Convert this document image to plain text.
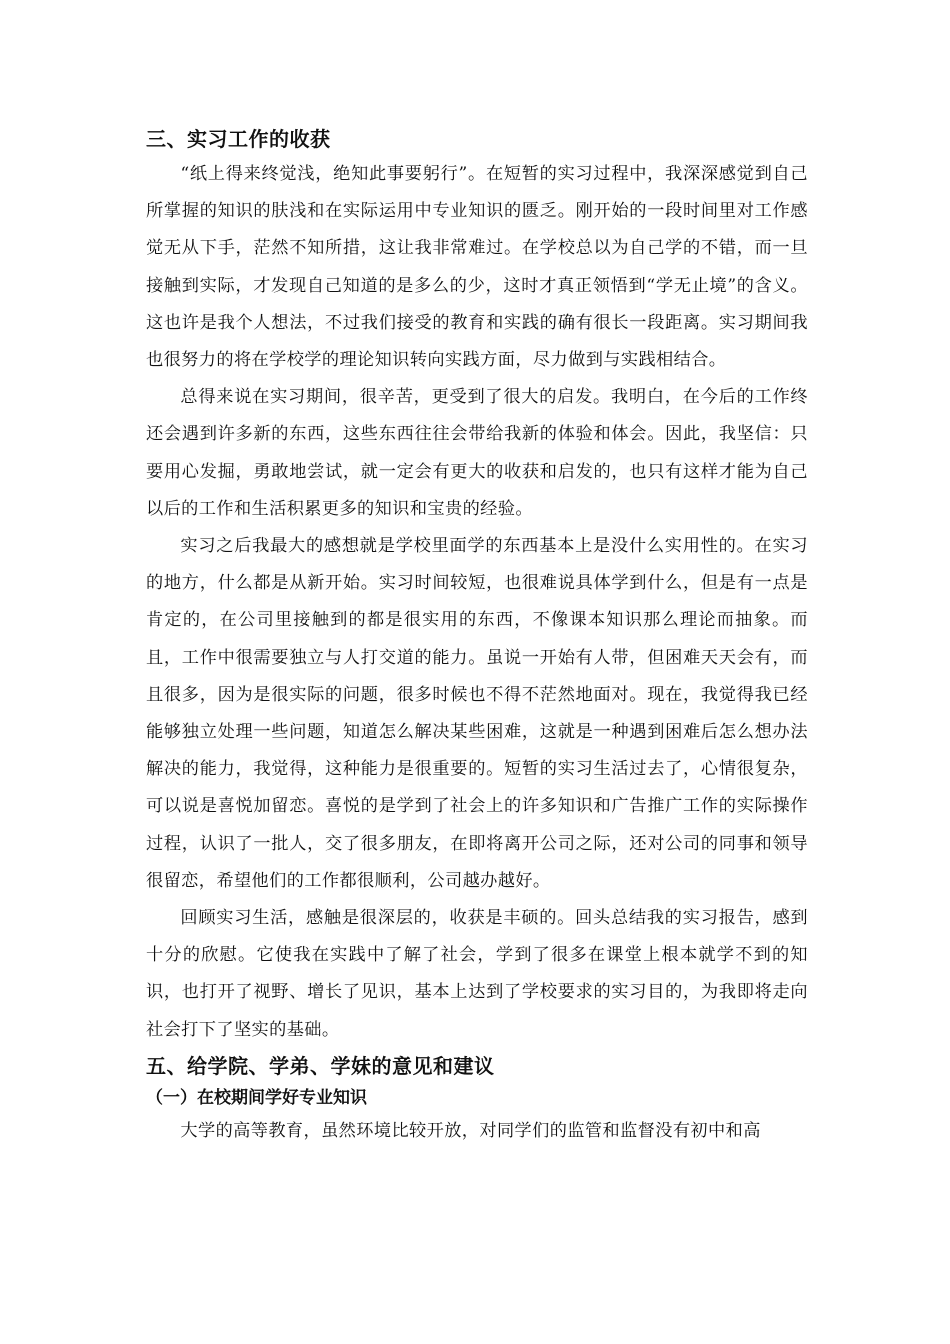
三、实习工作的收获

“纸上得来终觉浅，绝知此事要躬行”。在短暂的实习过程中，我深深感觉到自己所掌握的知识的肤浅和在实际运用中专业知识的匮乏。刚开始的一段时间里对工作感觉无从下手，茫然不知所措，这让我非常难过。在学校总以为自己学的不错，而一旦接触到实际，才发现自己知道的是多么的少，这时才真正领悟到“学无止境”的含义。这也许是我个人想法，不过我们接受的教育和实践的确有很长一段距离。实习期间我也很努力的将在学校学的理论知识转向实践方面，尽力做到与实践相结合。

总得来说在实习期间，很辛苦，更受到了很大的启发。我明白，在今后的工作终还会遇到许多新的东西，这些东西往往会带给我新的体验和体会。因此，我坚信：只要用心发掘，勇敢地尝试，就一定会有更大的收获和启发的，也只有这样才能为自己以后的工作和生活积累更多的知识和宝贵的经验。

实习之后我最大的感想就是学校里面学的东西基本上是没什么实用性的。在实习的地方，什么都是从新开始。实习时间较短，也很难说具体学到什么，但是有一点是肯定的，在公司里接触到的都是很实用的东西，不像课本知识那么理论而抽象。而且，工作中很需要独立与人打交道的能力。虽说一开始有人带，但困难天天会有，而且很多，因为是很实际的问题，很多时候也不得不茫然地面对。现在，我觉得我已经能够独立处理一些问题，知道怎么解决某些困难，这就是一种遇到困难后怎么想办法解决的能力，我觉得，这种能力是很重要的。短暂的实习生活过去了，心情很复杂，可以说是喜悦加留恋。喜悦的是学到了社会上的许多知识和广告推广工作的实际操作过程，认识了一批人，交了很多朋友，在即将离开公司之际，还对公司的同事和领导很留恋，希望他们的工作都很顺利，公司越办越好。

回顾实习生活，感触是很深层的，收获是丰硕的。回头总结我的实习报告，感到十分的欣慰。它使我在实践中了解了社会，学到了很多在课堂上根本就学不到的知识，也打开了视野、增长了见识，基本上达到了学校要求的实习目的，为我即将走向社会打下了坚实的基础。

五、给学院、学弟、学妹的意见和建议
（一）在校期间学好专业知识

大学的高等教育，虽然环境比较开放，对同学们的监管和监督没有初中和高
